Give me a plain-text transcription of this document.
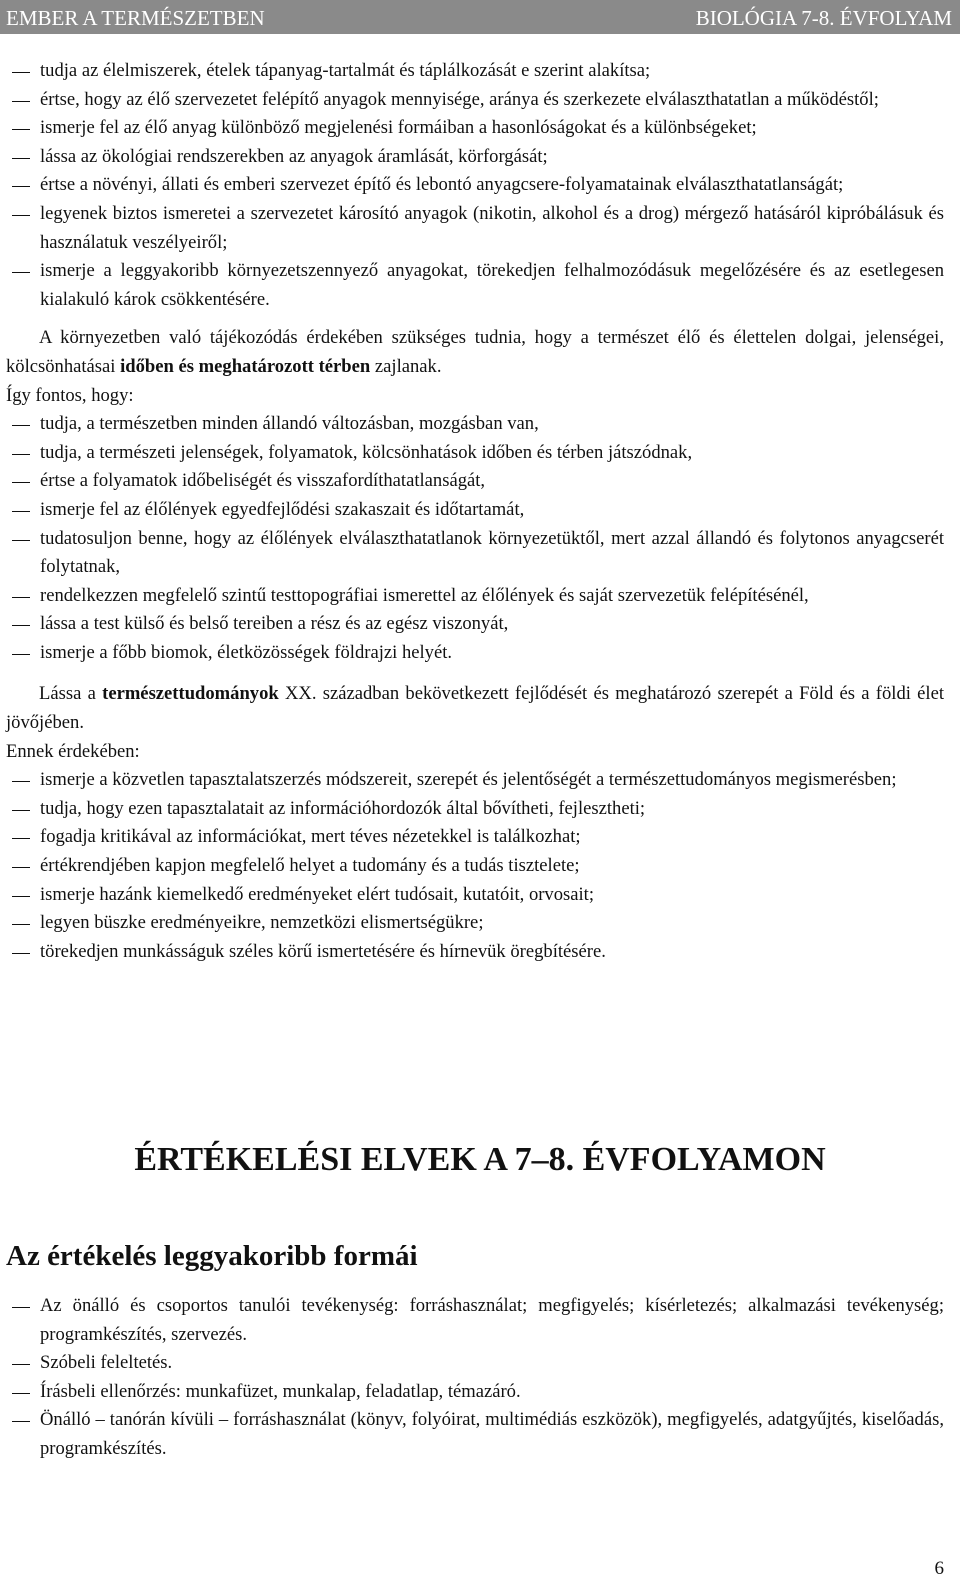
EMBER A TERMÉSZETBEN	BIOLÓGIA 7-8. ÉVFOLYAM
tudja az élelmiszerek, ételek tápanyag-tartalmát és táplálkozását e szerint alakítsa;
értse, hogy az élő szervezetet felépítő anyagok mennyisége, aránya és szerkezete elválaszthatatlan a működéstől;
ismerje fel az élő anyag különböző megjelenési formáiban a hasonlóságokat és a különbségeket;
lássa az ökológiai rendszerekben az anyagok áramlását, körforgását;
értse a növényi, állati és emberi szervezet építő és lebontó anyagcsere-folyamatainak elválaszthatatlanságát;
legyenek biztos ismeretei a szervezetet károsító anyagok (nikotin, alkohol és a drog) mérgező hatásáról kipróbálásuk és használatuk veszélyeiről;
ismerje a leggyakoribb környezetszennyező anyagokat, törekedjen felhalmozódásuk megelőzésére és az esetlegesen kialakuló károk csökkentésére.

A környezetben való tájékozódás érdekében szükséges tudnia, hogy a természet élő és élettelen dolgai, jelenségei, kölcsönhatásai időben és meghatározott térben zajlanak.

Így fontos, hogy:

tudja, a természetben minden állandó változásban, mozgásban van,
tudja, a természeti jelenségek, folyamatok, kölcsönhatások időben és térben játszódnak,
értse a folyamatok időbeliségét és visszafordíthatatlanságát,
ismerje fel az élőlények egyedfejlődési szakaszait és időtartamát,
tudatosuljon benne, hogy az élőlények elválaszthatatlanok környezetüktől, mert azzal állandó és folytonos anyagcserét folytatnak,
rendelkezzen megfelelő szintű testtopográfiai ismerettel az élőlények és saját szervezetük felépítésénél,
lássa a test külső és belső tereiben a rész és az egész viszonyát,
ismerje a főbb biomok, életközösségek földrajzi helyét.

Lássa a természettudományok XX. században bekövetkezett fejlődését és meghatározó szerepét a Föld és a földi élet jövőjében.

Ennek érdekében:

ismerje a közvetlen tapasztalatszerzés módszereit, szerepét és jelentőségét a természettudományos megismerésben;
tudja, hogy ezen tapasztalatait az információhordozók által bővítheti, fejlesztheti;
fogadja kritikával az információkat, mert téves nézetekkel is találkozhat;
értékrendjében kapjon megfelelő helyet a tudomány és a tudás tisztelete;
ismerje hazánk kiemelkedő eredményeket elért tudósait, kutatóit, orvosait;
legyen büszke eredményeikre, nemzetközi elismertségükre;
törekedjen munkásságuk széles körű ismertetésére és hírnevük öregbítésére.
ÉRTÉKELÉSI ELVEK A 7–8. ÉVFOLYAMON
Az értékelés leggyakoribb formái
Az önálló és csoportos tanulói tevékenység: forráshasználat; megfigyelés; kísérletezés; alkalmazási tevékenység; programkészítés, szervezés.
Szóbeli feleltetés.
Írásbeli ellenőrzés: munkafüzet, munkalap, feladatlap, témazáró.
Önálló – tanórán kívüli – forráshasználat (könyv, folyóirat, multimédiás eszközök), megfigyelés, adatgyűjtés, kiselőadás, programkészítés.
6
